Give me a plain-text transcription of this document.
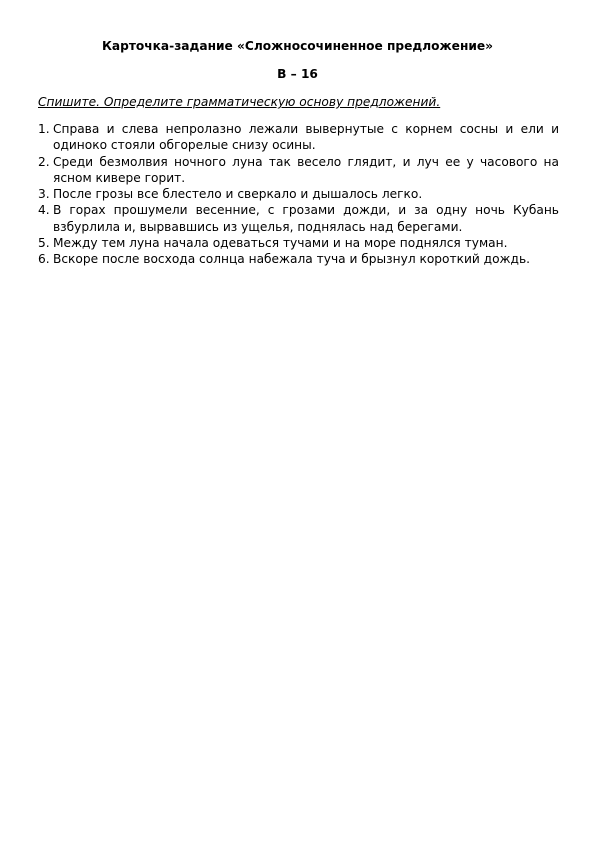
Карточка-задание «Сложносочиненное предложение»
В – 16
Спишите. Определите грамматическую основу предложений.
1. Справа и слева непролазно лежали вывернутые с корнем сосны и ели и одиноко стояли обгорелые снизу осины.
2. Среди безмолвия ночного луна так весело глядит, и луч ее у часового на ясном кивере горит.
3. После грозы все блестело и сверкало и дышалось легко.
4. В горах прошумели весенние, с грозами дожди, и за одну ночь Кубань взбурлила и, вырвавшись из ущелья, поднялась над берегами.
5. Между тем луна начала одеваться тучами и на море поднялся туман.
6. Вскоре после восхода солнца набежала туча и брызнул короткий дождь.
